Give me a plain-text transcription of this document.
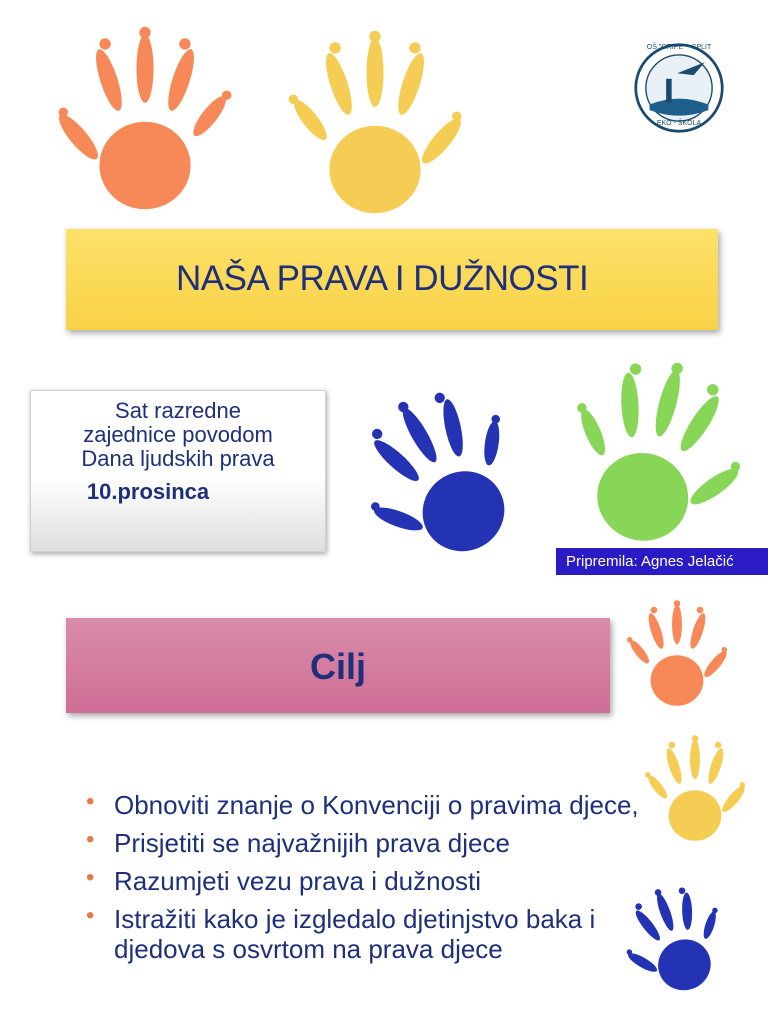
OŠ "GRIPE" - SPLIT
EKO - ŠKOLA
NAŠA PRAVA I DUŽNOSTI
Sat razredne
zajednice povodom
Dana ljudskih prava
10.prosinca
Pripremila: Agnes Jelačić
Cilj
• Obnoviti znanje o Konvenciji o pravima djece,
• Prisjetiti se najvažnijih prava djece
• Razumjeti vezu prava i dužnosti
• Istražiti kako je izgledalo djetinjstvo baka i djedova s osvrtom na prava djece
